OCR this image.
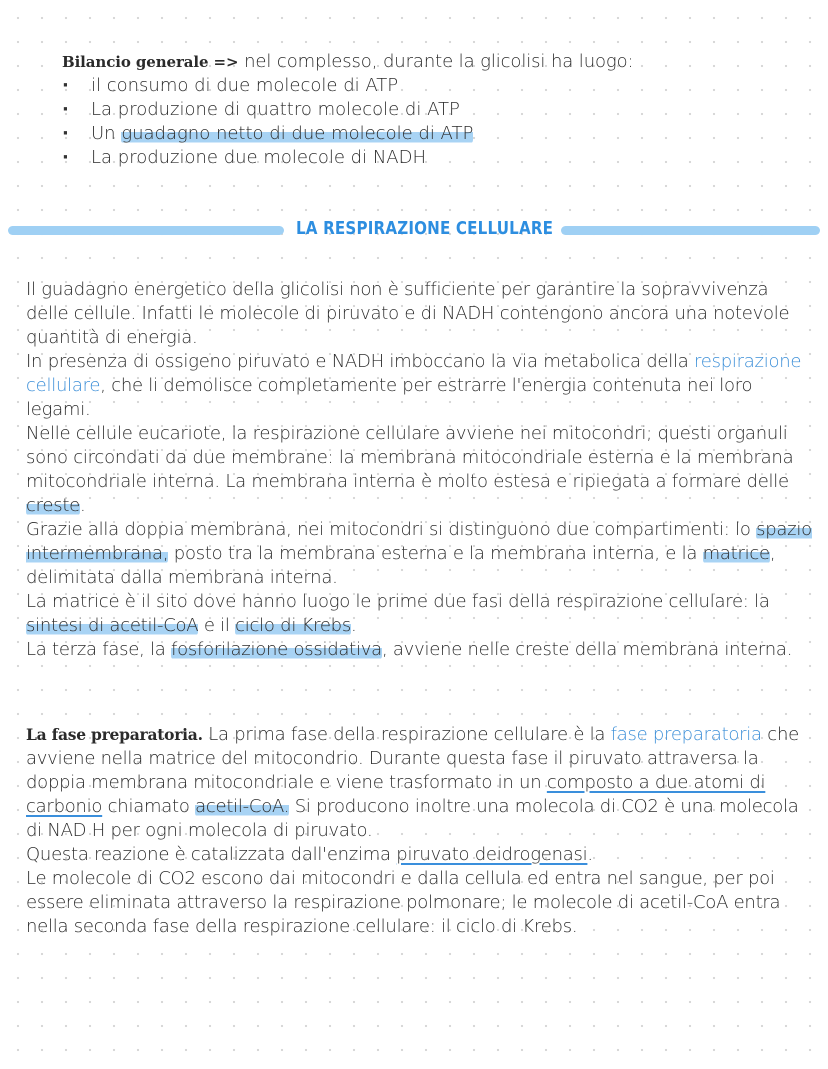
Bilancio generale => nel complesso, durante la glicolisi ha luogo:
· il consumo di due molecole di ATP
· La produzione di quattro molecole di ATP
· Un guadagno netto di due molecole di ATP
· La produzione due molecole di NADH
LA RESPIRAZIONE CELLULARE

Il guadagno energetico della glicolisi non è sufficiente per garantire la sopravvivenza delle cellule. Infatti le molecole di piruvato e di NADH contengono ancora una notevole quantità di energia.

In presenza di ossigeno piruvato e NADH imboccano la via metabolica della respirazione cellulare, che li demolisce completamente per estrarre l'energia contenuta nei loro legami.

Nelle cellule eucariote, la respirazione cellulare avviene nei mitocondri; questi organuli sono circondati da due membrane: la membrana mitocondriale esterna e la membrana mitocondriale interna. La membrana interna è molto estesa e ripiegata a formare delle creste.

Grazie alla doppia membrana, nei mitocondri si distinguono due compartimenti: lo spazio intermembrana, posto tra la membrana esterna e la membrana interna, e la matrice, delimitata dalla membrana interna.

La matrice è il sito dove hanno luogo le prime due fasi della respirazione cellulare: la sintesi di acetil-CoA e il ciclo di Krebs.

La terza fase, la fosforilazione ossidativa, avviene nelle creste della membrana interna.

La fase preparatoria. La prima fase della respirazione cellulare è la fase preparatoria che avviene nella matrice del mitocondrio. Durante questa fase il piruvato attraversa la doppia membrana mitocondriale e viene trasformato in un composto a due atomi di carbonio chiamato acetil-CoA. Si producono inoltre una molecola di CO2 è una molecola di NAD H per ogni molecola di piruvato.

Questa reazione è catalizzata dall'enzima piruvato deidrogenasi.

Le molecole di CO2 escono dai mitocondri e dalla cellula ed entra nel sangue, per poi essere eliminata attraverso la respirazione polmonare; le molecole di acetil-CoA entra nella seconda fase della respirazione cellulare: il ciclo di Krebs.
